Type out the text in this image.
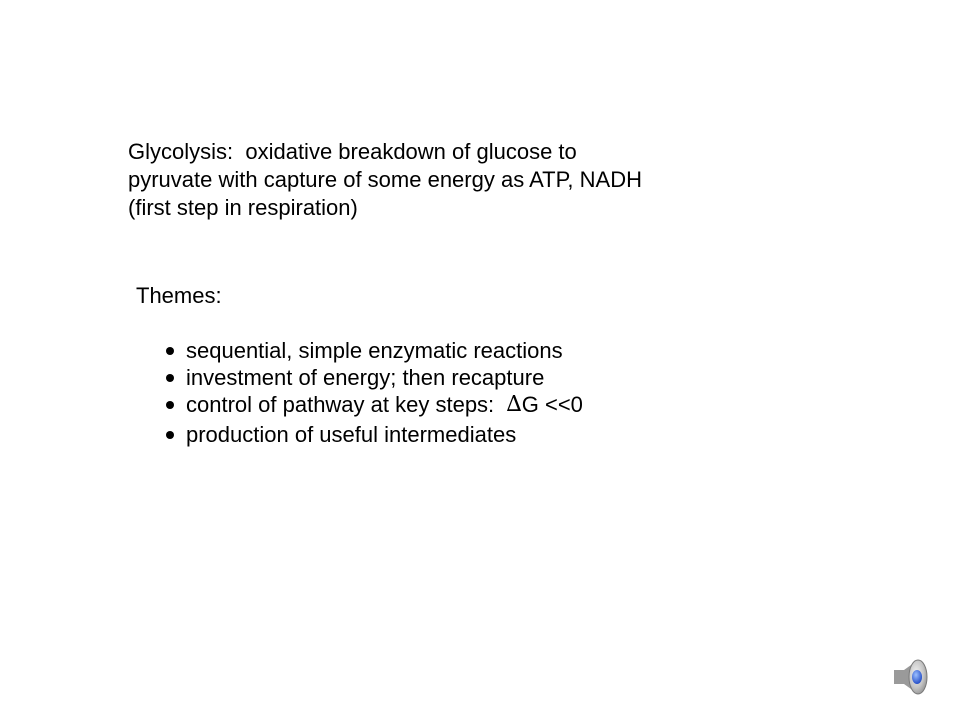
Glycolysis:  oxidative breakdown of glucose to
pyruvate with capture of some energy as ATP, NADH
(first step in respiration)
Themes:
sequential, simple enzymatic reactions
investment of energy; then recapture
control of pathway at key steps: ∆ G <<0
production of useful intermediates
